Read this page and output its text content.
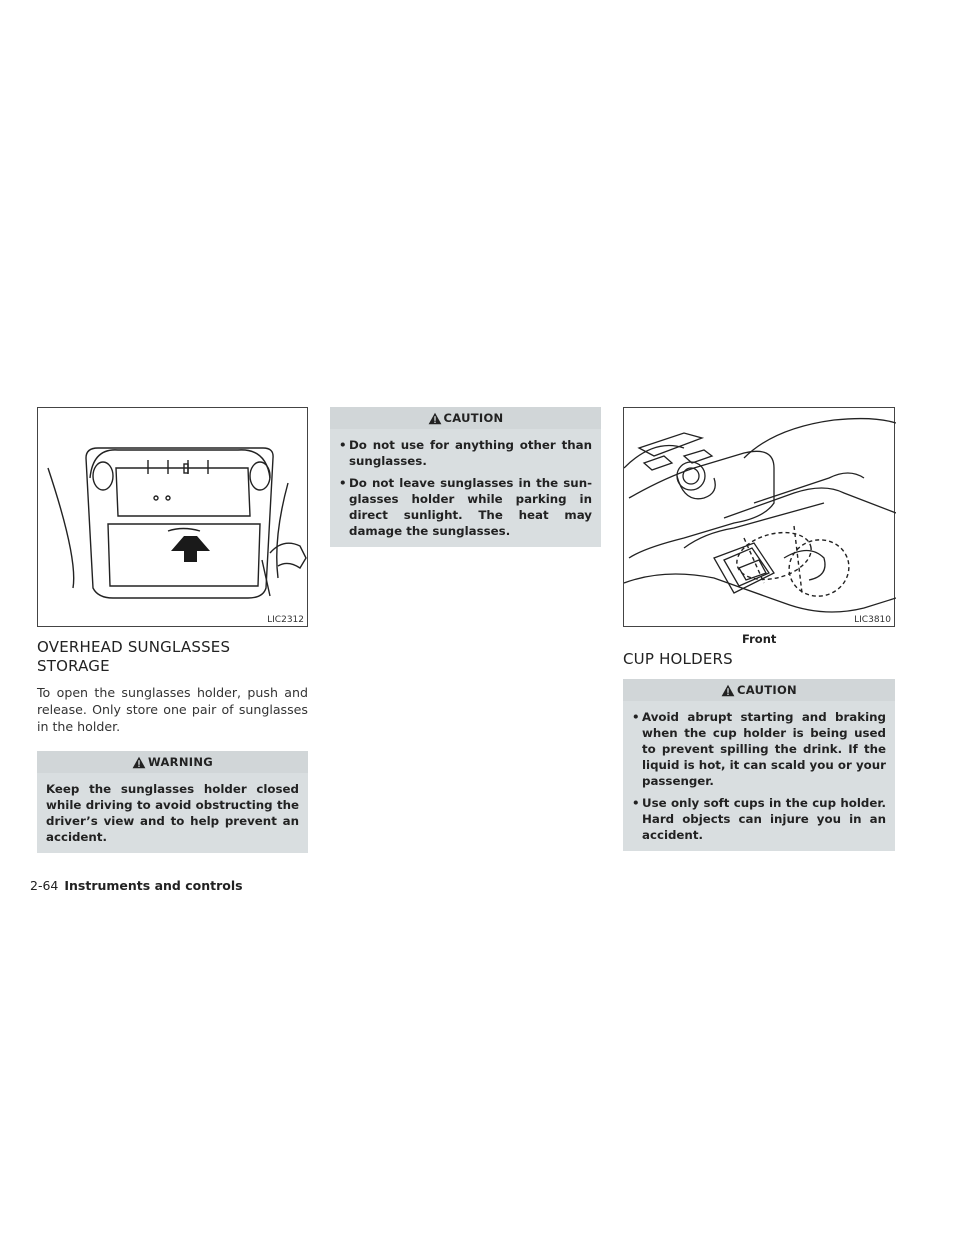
LIC2312

OVERHEAD SUNGLASSES
STORAGE

To open the sunglasses holder, push and release. Only store one pair of sunglasses in the holder.

WARNING
Keep the sunglasses holder closed while driving to avoid obstructing the driver’s view and to help prevent an accident.
CAUTION
• Do not use for anything other than sunglasses.
• Do not leave sunglasses in the sun-glasses holder while parking in direct sunlight. The heat may damage the sunglasses.
LIC3810
Front

CUP HOLDERS

CAUTION
• Avoid abrupt starting and braking when the cup holder is being used to prevent spilling the drink. If the liquid is hot, it can scald you or your passenger.
• Use only soft cups in the cup holder. Hard objects can injure you in an accident.
2-64 Instruments and controls
